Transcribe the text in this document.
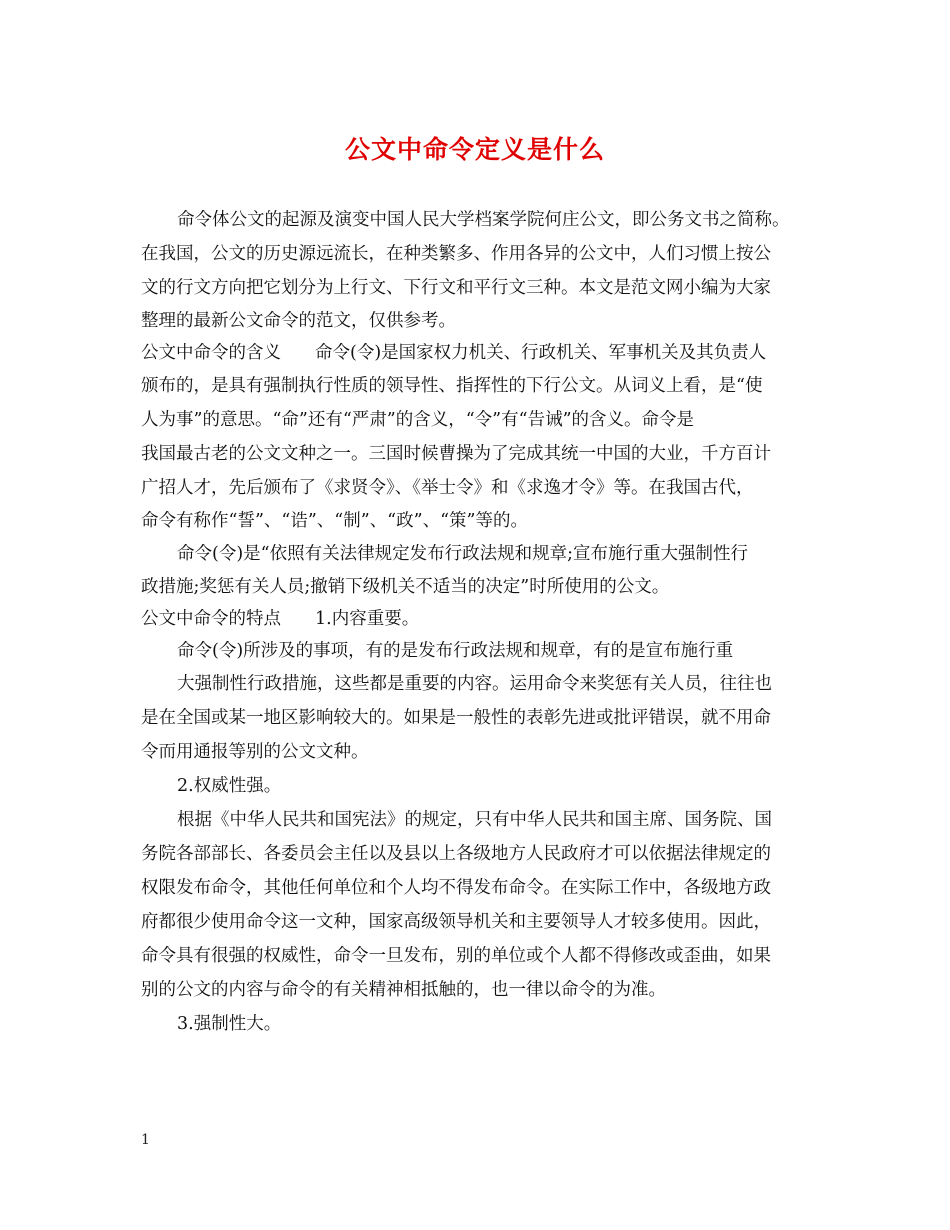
公文中命令定义是什么
命令体公文的起源及演变中国人民大学档案学院何庄公文，即公务文书之简称。
在我国，公文的历史源远流长，在种类繁多、作用各异的公文中，人们习惯上按公
文的行文方向把它划分为上行文、下行文和平行文三种。本文是范文网小编为大家
整理的最新公文命令的范文，仅供参考。
公文中命令的含义 命令(令)是国家权力机关、行政机关、军事机关及其负责人
颁布的，是具有强制执行性质的领导性、指挥性的下行公文。从词义上看，是“使
人为事”的意思。“命”还有“严肃”的含义，“令”有“告诫”的含义。命令是
我国最古老的公文文种之一。三国时候曹操为了完成其统一中国的大业，千方百计
广招人才，先后颁布了《求贤令》、《举士令》和《求逸才令》等。在我国古代，
命令有称作“誓”、“诰”、“制”、“政”、“策”等的。
命令(令)是“依照有关法律规定发布行政法规和规章;宣布施行重大强制性行
政措施;奖惩有关人员;撤销下级机关不适当的决定”时所使用的公文。
公文中命令的特点 1.内容重要。
命令(令)所涉及的事项，有的是发布行政法规和规章，有的是宣布施行重
大强制性行政措施，这些都是重要的内容。运用命令来奖惩有关人员，往往也
是在全国或某一地区影响较大的。如果是一般性的表彰先进或批评错误，就不用命
令而用通报等别的公文文种。
2.权威性强。
根据《中华人民共和国宪法》的规定，只有中华人民共和国主席、国务院、国
务院各部部长、各委员会主任以及县以上各级地方人民政府才可以依据法律规定的
权限发布命令，其他任何单位和个人均不得发布命令。在实际工作中，各级地方政
府都很少使用命令这一文种，国家高级领导机关和主要领导人才较多使用。因此，
命令具有很强的权威性，命令一旦发布，别的单位或个人都不得修改或歪曲，如果
别的公文的内容与命令的有关精神相抵触的，也一律以命令的为准。
3.强制性大。
1
